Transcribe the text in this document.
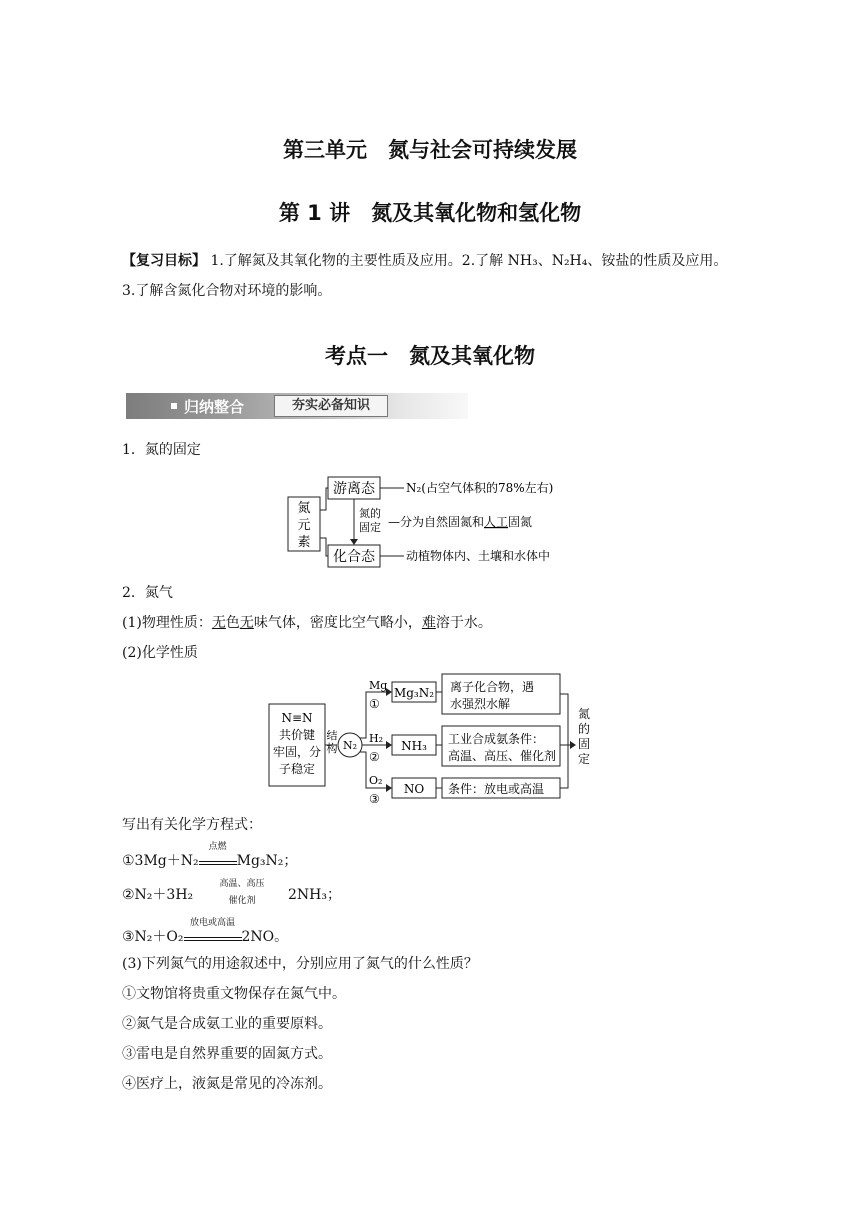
第三单元　氮与社会可持续发展
第 1 讲　氮及其氧化物和氢化物
【复习目标】 1.了解氮及其氧化物的主要性质及应用。2.了解 NH₃、N₂H₄、铵盐的性质及应用。
3.了解含氮化合物对环境的影响。
考点一　氮及其氧化物
归纳整合	夯实必备知识
1．氮的固定
氮
元
素
游离态
化合态
氮的
固定
N₂(占空气体积的78%左右)
—分为自然固氮和人工固氮
动植物体内、土壤和水体中
2．氮气
(1)物理性质：无色无味气体，密度比空气略小，难溶于水。
(2)化学性质
N≡N
共价键
牢固，分
子稳定
结
构 N₂
Mg
①
H₂
②
O₂
③
Mg₃N₂
NH₃
NO
离子化合物，遇
水强烈水解
工业合成氨条件：
高温、高压、催化剂
条件：放电或高温
氮
的
固
定
写出有关化学方程式：
①3Mg＋N₂
点燃
Mg₃N₂；
②N₂＋3H₂
高温、高压
催化剂	2NH₃；
③N₂＋O₂
放电或高温
2NO。
(3)下列氮气的用途叙述中，分别应用了氮气的什么性质？
①文物馆将贵重文物保存在氮气中。
②氮气是合成氨工业的重要原料。
③雷电是自然界重要的固氮方式。
④医疗上，液氮是常见的冷冻剂。
